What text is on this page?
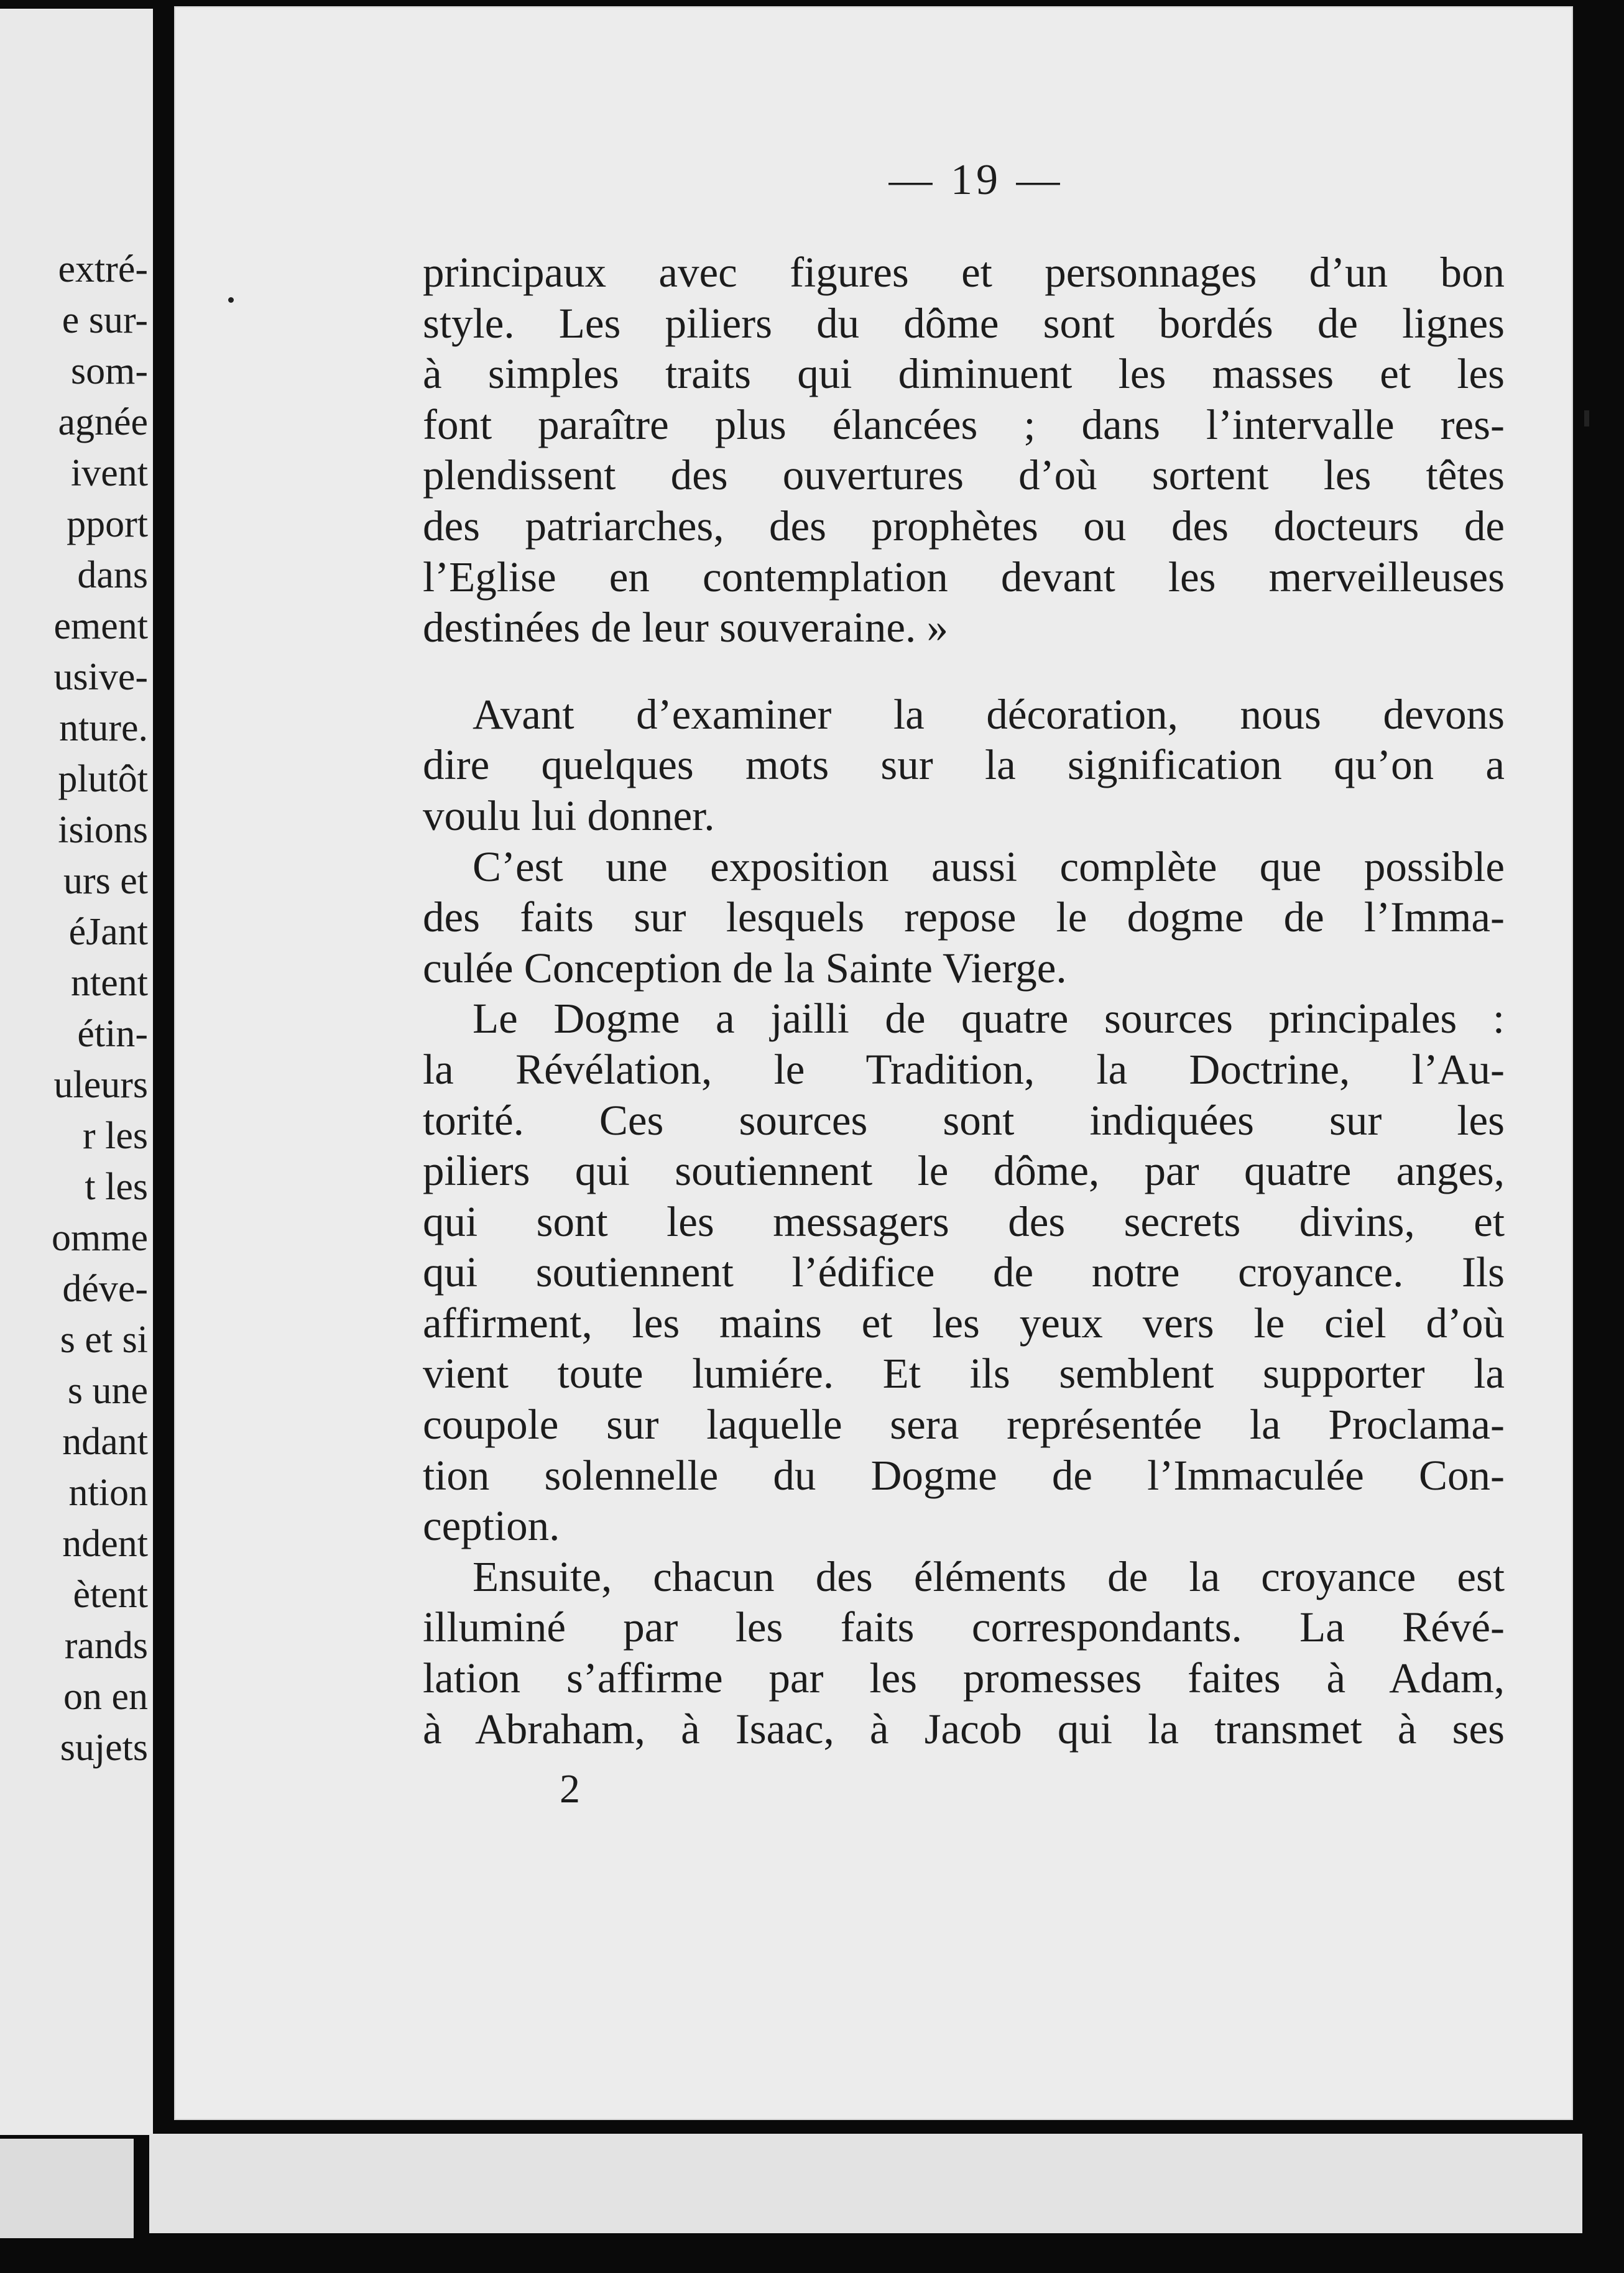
extré-
e sur-
som-
agnée
ivent
pport
dans
ement
usive-
nture.
plutôt
isions
urs et
éJant
ntent
étin-
uleurs
r les
t les
omme
déve-
s et si
s une
ndant
ntion
ndent
ètent
rands
on en
sujets
— 19 —
principaux avec figures et personnages d’un bon
style. Les piliers du dôme sont bordés de lignes
à simples traits qui diminuent les masses et les
font paraître plus élancées ; dans l’intervalle res-
plendissent des ouvertures d’où sortent les têtes
des patriarches, des prophètes ou des docteurs de
l’Eglise en contemplation devant les merveilleuses
destinées de leur souveraine. »
Avant d’examiner la décoration, nous devons
dire quelques mots sur la signification qu’on a
voulu lui donner.
C’est une exposition aussi complète que possible
des faits sur lesquels repose le dogme de l’Imma-
culée Conception de la Sainte Vierge.
Le Dogme a jailli de quatre sources principales :
la Révélation, le Tradition, la Doctrine, l’Au-
torité. Ces sources sont indiquées sur les
piliers qui soutiennent le dôme, par quatre anges,
qui sont les messagers des secrets divins, et
qui soutiennent l’édifice de notre croyance. Ils
affirment, les mains et les yeux vers le ciel d’où
vient toute lumiére. Et ils semblent supporter la
coupole sur laquelle sera représentée la Proclama-
tion solennelle du Dogme de l’Immaculée Con-
ception.
Ensuite, chacun des éléments de la croyance est
illuminé par les faits correspondants. La Révé-
lation s’affirme par les promesses faites à Adam,
à Abraham, à Isaac, à Jacob qui la transmet à ses
2
